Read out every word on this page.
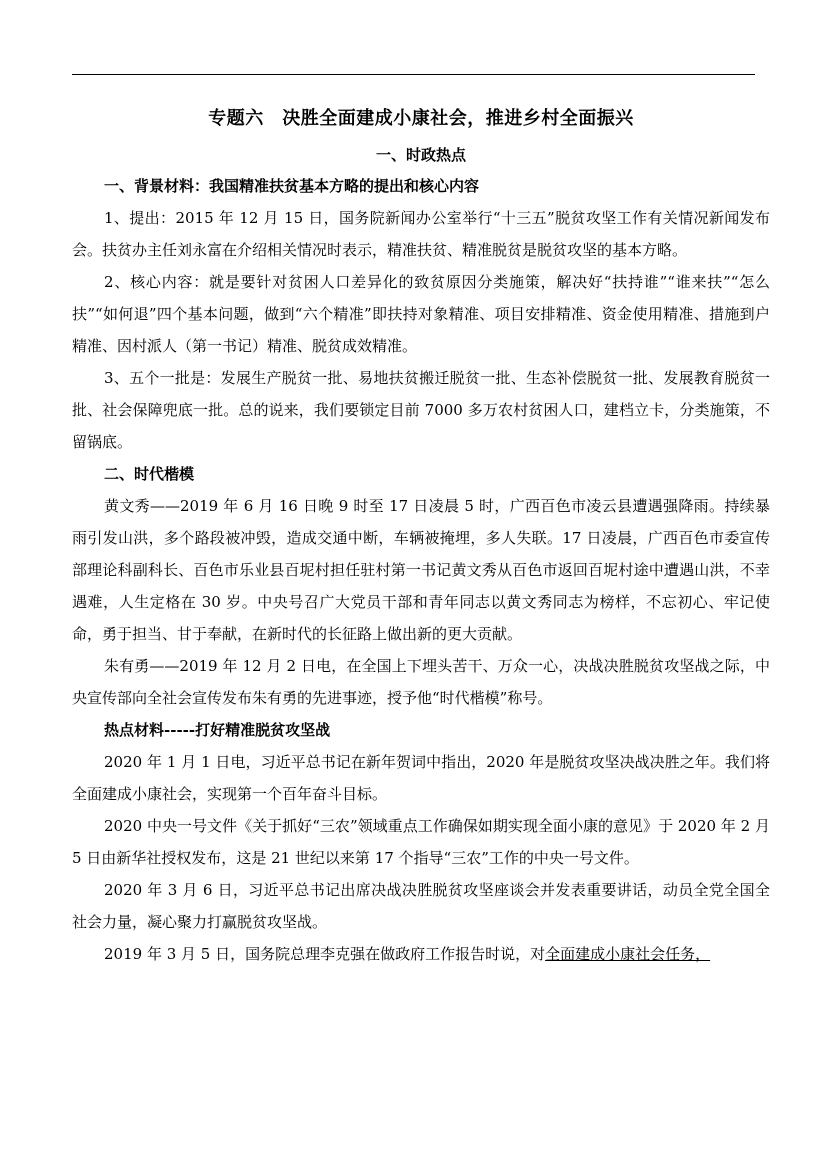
专题六　决胜全面建成小康社会，推进乡村全面振兴

一、时政热点

一、背景材料：我国精准扶贫基本方略的提出和核心内容

1、提出：2015 年 12 月 15 日，国务院新闻办公室举行“十三五”脱贫攻坚工作有关情况新闻发布会。扶贫办主任刘永富在介绍相关情况时表示，精准扶贫、精准脱贫是脱贫攻坚的基本方略。

2、核心内容：就是要针对贫困人口差异化的致贫原因分类施策，解决好“扶持谁”“谁来扶”“怎么扶”“如何退”四个基本问题，做到“六个精准”即扶持对象精准、项目安排精准、资金使用精准、措施到户精准、因村派人（第一书记）精准、脱贫成效精准。

3、五个一批是：发展生产脱贫一批、易地扶贫搬迁脱贫一批、生态补偿脱贫一批、发展教育脱贫一批、社会保障兜底一批。总的说来，我们要锁定目前 7000 多万农村贫困人口，建档立卡，分类施策，不留锅底。

二、时代楷模

黄文秀——2019 年 6 月 16 日晚 9 时至 17 日凌晨 5 时，广西百色市凌云县遭遇强降雨。持续暴雨引发山洪，多个路段被冲毁，造成交通中断，车辆被掩埋，多人失联。17 日凌晨，广西百色市委宣传部理论科副科长、百色市乐业县百坭村担任驻村第一书记黄文秀从百色市返回百坭村途中遭遇山洪，不幸遇难，人生定格在 30 岁。中央号召广大党员干部和青年同志以黄文秀同志为榜样，不忘初心、牢记使命，勇于担当、甘于奉献，在新时代的长征路上做出新的更大贡献。

朱有勇——2019 年 12 月 2 日电，在全国上下埋头苦干、万众一心，决战决胜脱贫攻坚战之际，中央宣传部向全社会宣传发布朱有勇的先进事迹，授予他“时代楷模”称号。

热点材料-----打好精准脱贫攻坚战

2020 年 1 月 1 日电，习近平总书记在新年贺词中指出，2020 年是脱贫攻坚决战决胜之年。我们将全面建成小康社会，实现第一个百年奋斗目标。

2020 中央一号文件《关于抓好“三农”领域重点工作确保如期实现全面小康的意见》于 2020 年 2 月 5 日由新华社授权发布，这是 21 世纪以来第 17 个指导“三农”工作的中央一号文件。

2020 年 3 月 6 日，习近平总书记出席决战决胜脱贫攻坚座谈会并发表重要讲话，动员全党全国全社会力量，凝心聚力打赢脱贫攻坚战。

2019 年 3 月 5 日，国务院总理李克强在做政府工作报告时说，对全面建成小康社会任务，
